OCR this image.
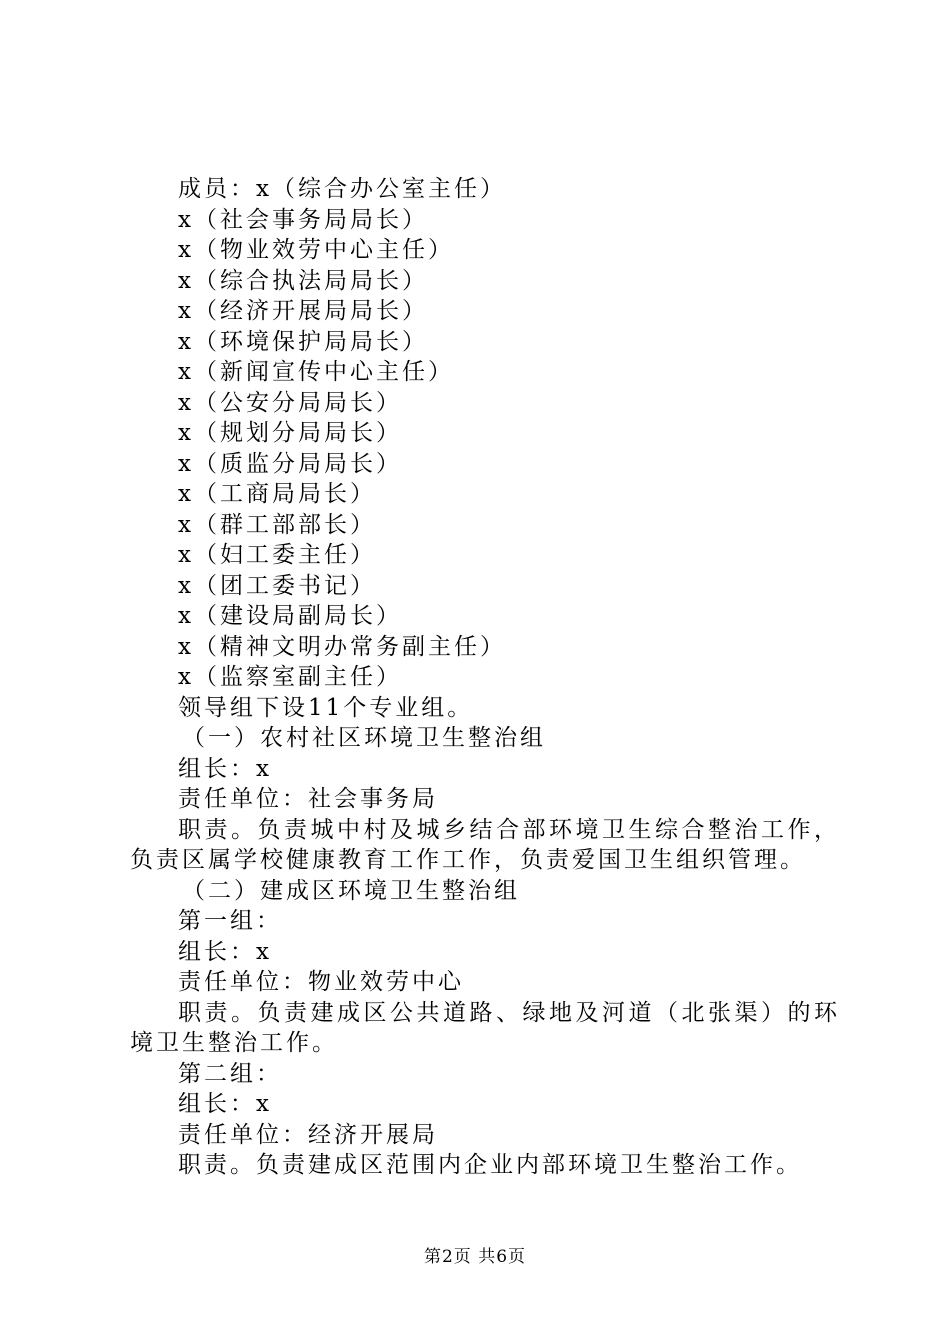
成员：x（综合办公室主任）
x（社会事务局局长）
x（物业效劳中心主任）
x（综合执法局局长）
x（经济开展局局长）
x（环境保护局局长）
x（新闻宣传中心主任）
x（公安分局局长）
x（规划分局局长）
x（质监分局局长）
x（工商局局长）
x（群工部部长）
x（妇工委主任）
x（团工委书记）
x（建设局副局长）
x（精神文明办常务副主任）
x（监察室副主任）
领导组下设11个专业组。
（一）农村社区环境卫生整治组
组长：x
责任单位：社会事务局
职责。负责城中村及城乡结合部环境卫生综合整治工作，负责区属学校健康教育工作工作，负责爱国卫生组织管理。
（二）建成区环境卫生整治组
第一组：
组长：x
责任单位：物业效劳中心
职责。负责建成区公共道路、绿地及河道（北张渠）的环境卫生整治工作。
第二组：
组长：x
责任单位：经济开展局
职责。负责建成区范围内企业内部环境卫生整治工作。
第2页 共6页
